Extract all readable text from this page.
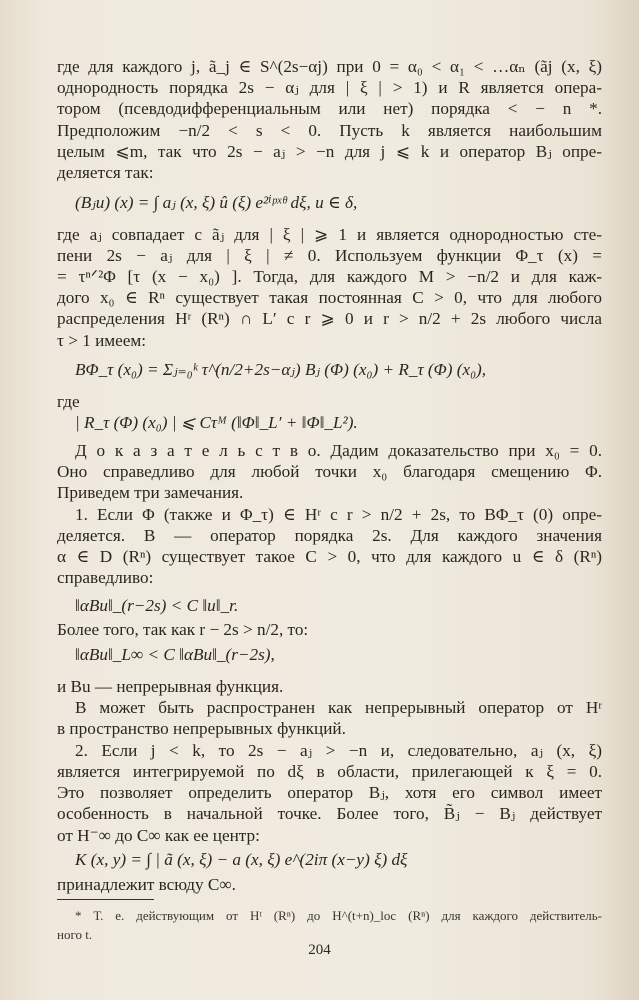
где для каждого j, ã_j ∈ S^(2s−αj) при 0 = α₀ < α₁ < …αₙ (ãj (x, ξ)
однородность порядка 2s − αⱼ для | ξ | > 1) и R является опера-
тором (псевдодифференциальным или нет) порядка < − n *.
Предположим −n/2 < s < 0. Пусть k является наибольшим
целым ⩽m, так что 2s − aⱼ > −n для j ⩽ k и оператор Bⱼ опре-
деляется так:
(Bⱼu) (x) = ∫ aⱼ (x, ξ) û (ξ) e²ⁱᵖˣᶿ dξ, u ∈ δ,
где aⱼ совпадает с ãⱼ для | ξ | ⩾ 1 и является однородностью сте-
пени 2s − aⱼ для | ξ | ≠ 0. Используем функции Φ_τ (x) =
= τⁿᐟ²Φ [τ (x − x₀) ]. Тогда, для каждого M > −n/2 и для каж-
дого x₀ ∈ Rⁿ существует такая постоянная C > 0, что для любого
распределения Hʳ (Rⁿ) ∩ L′ с r ⩾ 0 и r > n/2 + 2s любого числа
τ > 1 имеем:
BΦ_τ (x₀) = Σⱼ₌₀ᵏ τ^(n/2+2s−αⱼ) Bⱼ (Φ) (x₀) + R_τ (Φ) (x₀),
где
| R_τ (Φ) (x₀) | ⩽ Cτᴹ (‖Φ‖_L′ + ‖Φ‖_L²).
Д о к а з а т е л ь с т в о. Дадим доказательство при x₀ = 0.
Оно справедливо для любой точки x₀ благодаря смещению Φ.
Приведем три замечания.
1. Если Φ (также и Φ_τ) ∈ Hʳ с r > n/2 + 2s, то BΦ_τ (0) опре-
деляется. B — оператор порядка 2s. Для каждого значения
α ∈ D (Rⁿ) существует такое C > 0, что для каждого u ∈ δ (Rⁿ)
справедливо:
‖αBu‖_(r−2s) < C ‖u‖_r.
Более того, так как r − 2s > n/2, то:
‖αBu‖_L∞ < C ‖αBu‖_(r−2s),
и Bu — непрерывная функция.
B может быть распространен как непрерывный оператор от Hʳ
в пространство непрерывных функций.
2. Если j < k, то 2s − aⱼ > −n и, следовательно, aⱼ (x, ξ)
является интегрируемой по dξ в области, прилегающей к ξ = 0.
Это позволяет определить оператор Bⱼ, хотя его символ имеет
особенность в начальной точке. Более того, B̃ⱼ − Bⱼ действует
от H⁻∞ до C∞ как ее центр:
K (x, y) = ∫ | ã (x, ξ) − a (x, ξ) e^(2iπ (x−y) ξ) dξ
принадлежит всюду C∞.
* Т. е. действующим от Hᵗ (Rⁿ) до H^(t+n)_loc (Rⁿ) для каждого действитель-
ного t.
204
